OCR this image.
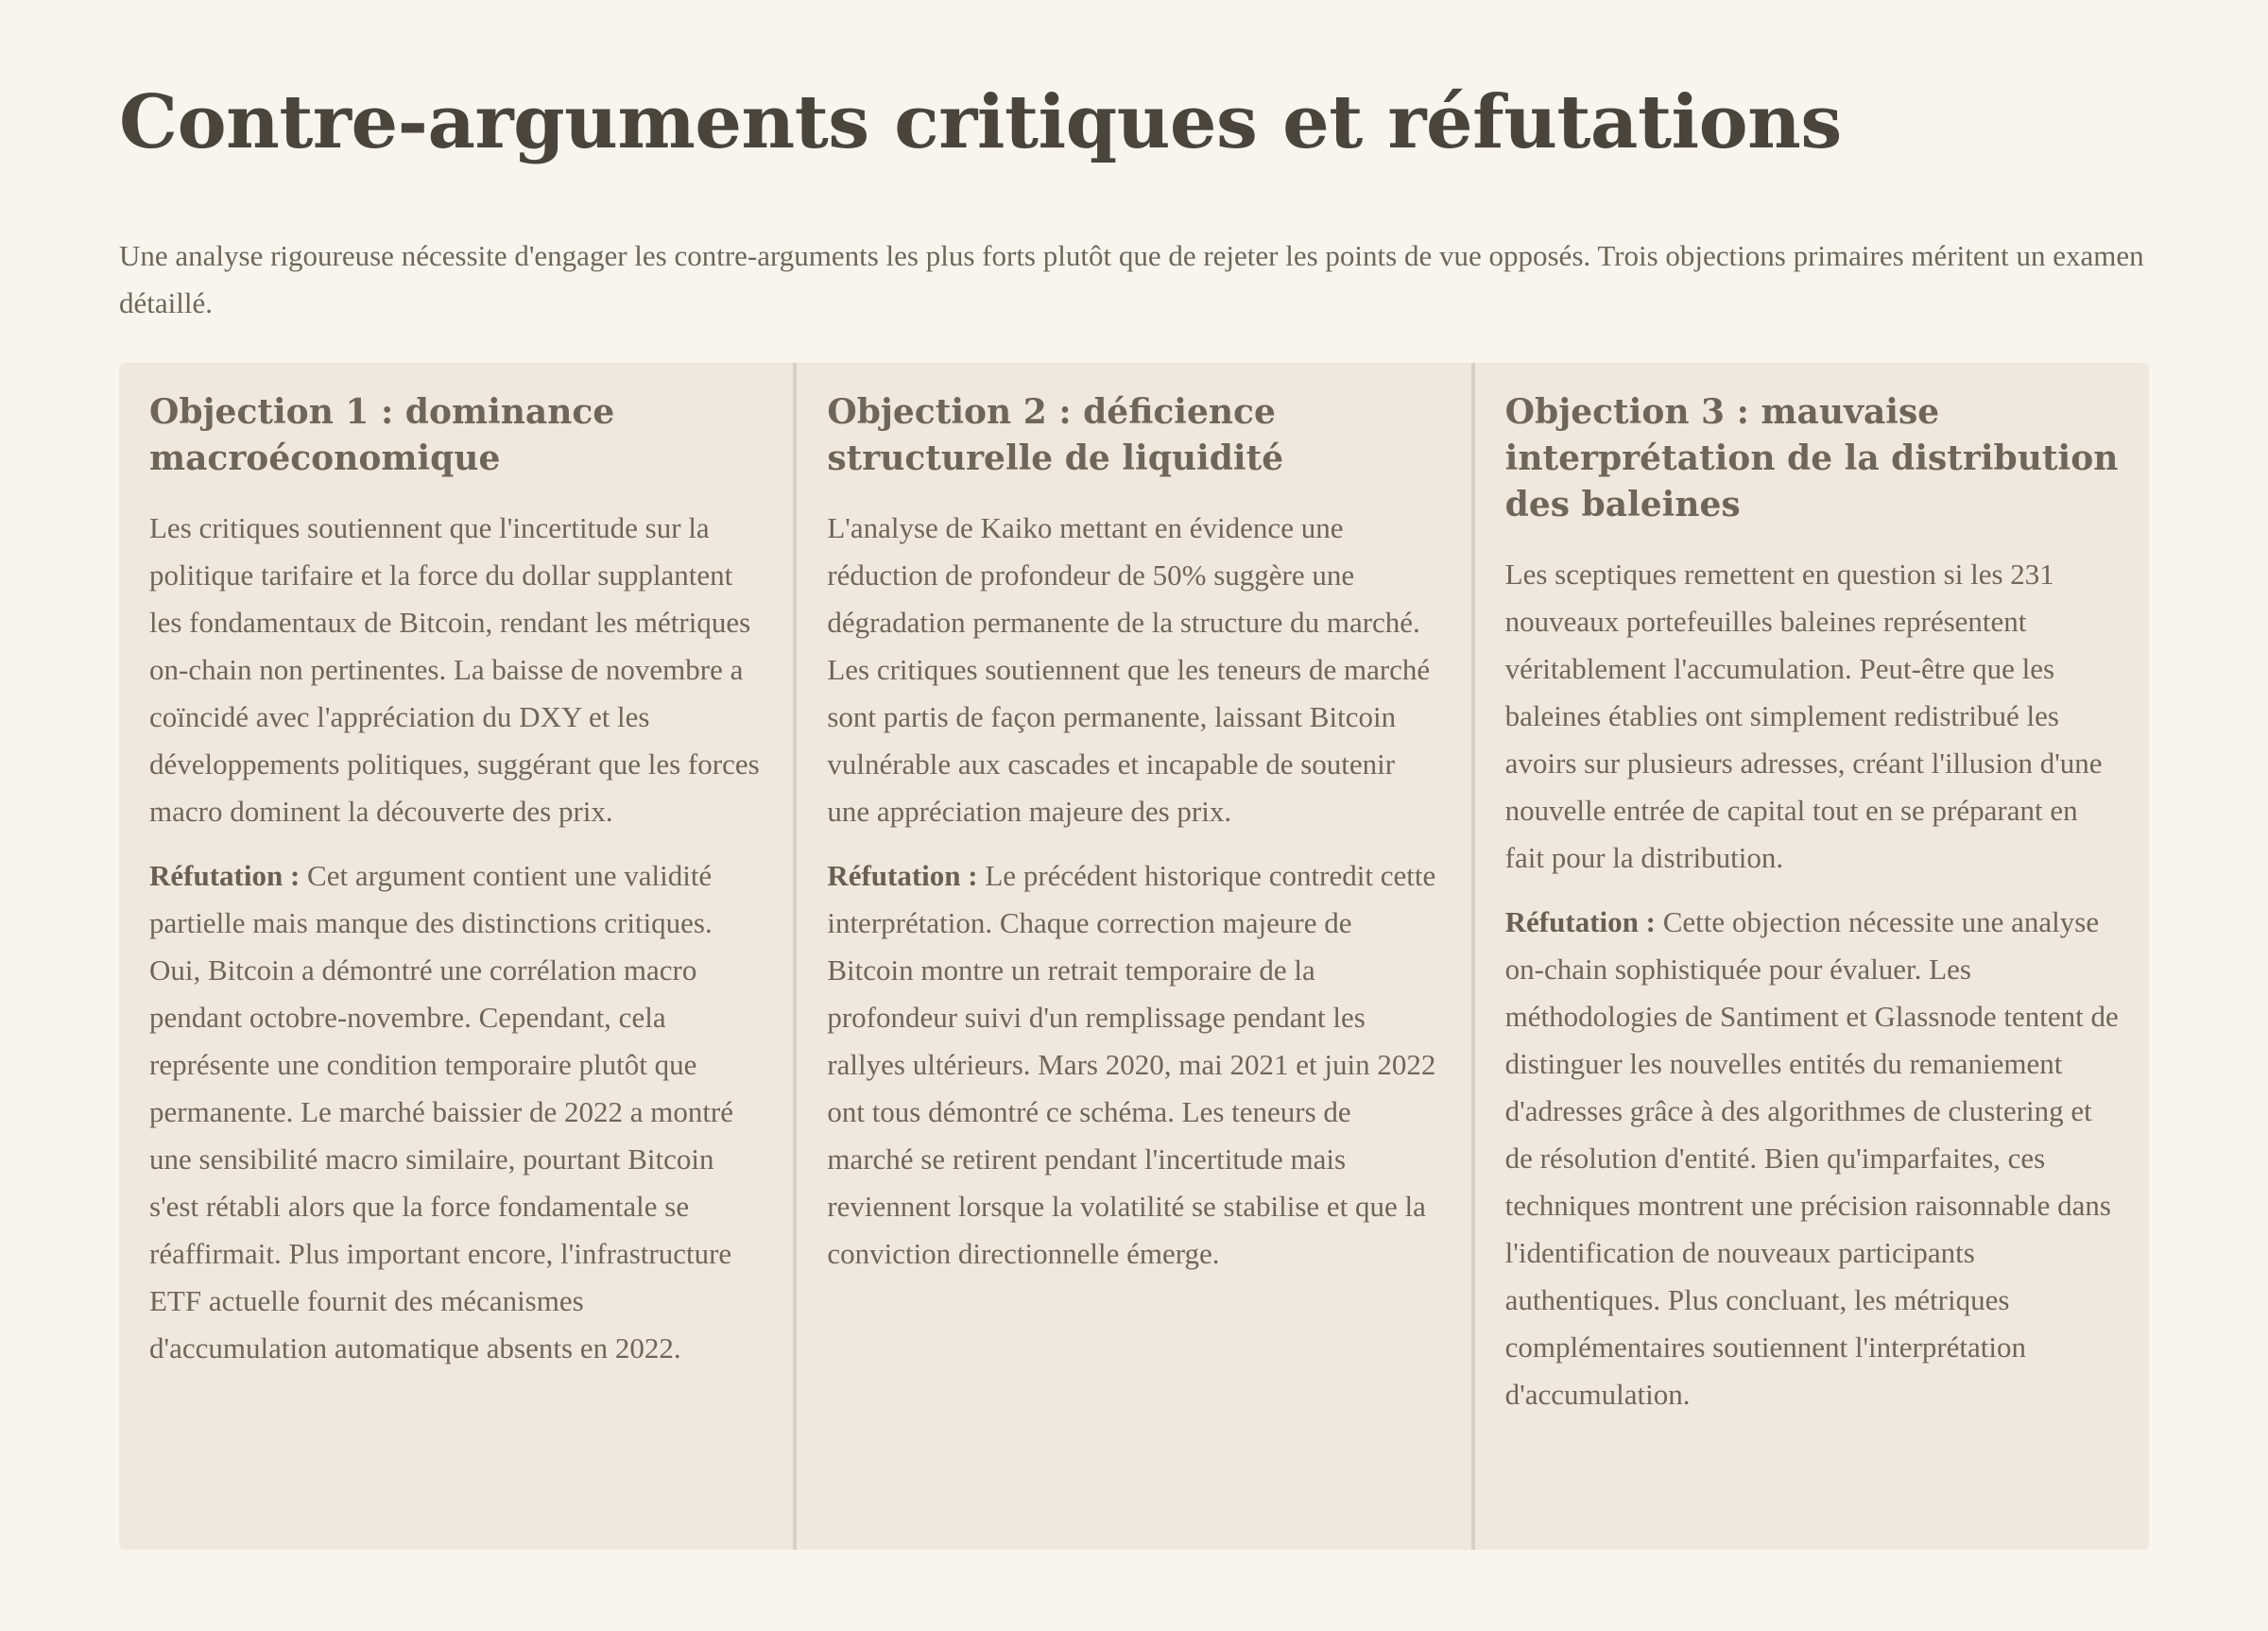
Contre-arguments critiques et réfutations

Une analyse rigoureuse nécessite d'engager les contre-arguments les plus forts plutôt que de rejeter les points de vue opposés. Trois objections primaires méritent un examen détaillé.

Objection 1 : dominance macroéconomique

Les critiques soutiennent que l'incertitude sur la politique tarifaire et la force du dollar supplantent les fondamentaux de Bitcoin, rendant les métriques on-chain non pertinentes. La baisse de novembre a coïncidé avec l'appréciation du DXY et les développements politiques, suggérant que les forces macro dominent la découverte des prix.

Réfutation : Cet argument contient une validité partielle mais manque des distinctions critiques. Oui, Bitcoin a démontré une corrélation macro pendant octobre-novembre. Cependant, cela représente une condition temporaire plutôt que permanente. Le marché baissier de 2022 a montré une sensibilité macro similaire, pourtant Bitcoin s'est rétabli alors que la force fondamentale se réaffirmait. Plus important encore, l'infrastructure ETF actuelle fournit des mécanismes d'accumulation automatique absents en 2022.

Objection 2 : déficience structurelle de liquidité

L'analyse de Kaiko mettant en évidence une réduction de profondeur de 50% suggère une dégradation permanente de la structure du marché. Les critiques soutiennent que les teneurs de marché sont partis de façon permanente, laissant Bitcoin vulnérable aux cascades et incapable de soutenir une appréciation majeure des prix.

Réfutation : Le précédent historique contredit cette interprétation. Chaque correction majeure de Bitcoin montre un retrait temporaire de la profondeur suivi d'un remplissage pendant les rallyes ultérieurs. Mars 2020, mai 2021 et juin 2022 ont tous démontré ce schéma. Les teneurs de marché se retirent pendant l'incertitude mais reviennent lorsque la volatilité se stabilise et que la conviction directionnelle émerge.

Objection 3 : mauvaise interprétation de la distribution des baleines

Les sceptiques remettent en question si les 231 nouveaux portefeuilles baleines représentent véritablement l'accumulation. Peut-être que les baleines établies ont simplement redistribué les avoirs sur plusieurs adresses, créant l'illusion d'une nouvelle entrée de capital tout en se préparant en fait pour la distribution.

Réfutation : Cette objection nécessite une analyse on-chain sophistiquée pour évaluer. Les méthodologies de Santiment et Glassnode tentent de distinguer les nouvelles entités du remaniement d'adresses grâce à des algorithmes de clustering et de résolution d'entité. Bien qu'imparfaites, ces techniques montrent une précision raisonnable dans l'identification de nouveaux participants authentiques. Plus concluant, les métriques complémentaires soutiennent l'interprétation d'accumulation.
